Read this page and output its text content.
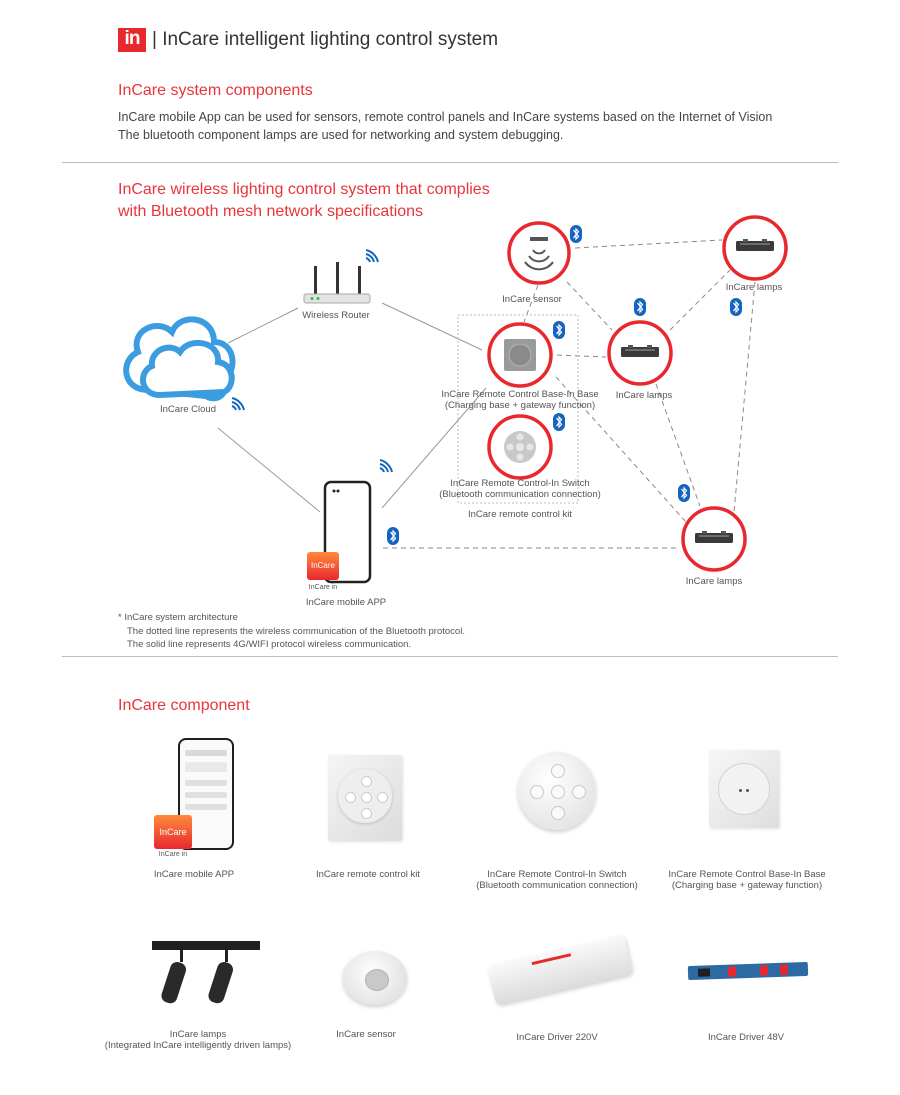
in | InCare intelligent lighting control system
InCare system components
InCare mobile App can be used for sensors, remote control panels and InCare systems based on the Internet of Vision
The bluetooth component lamps are used for networking and system debugging.
InCare wireless lighting control system that complies
with Bluetooth mesh network specifications
InCare
InCare in
InCare Cloud
Wireless Router
InCare sensor
InCare lamps
InCare lamps
InCare lamps
InCare Remote Control Base-In Base
(Charging base + gateway function)
InCare Remote Control-In Switch
(Bluetooth communication connection)
InCare remote control kit
InCare mobile APP
* InCare system architecture
The dotted line represents the wireless communication of the Bluetooth protocol.
The solid line represents 4G/WIFI protocol wireless communication.
InCare component
InCare
InCare in
InCare mobile APP	InCare remote control kit	InCare Remote Control-In Switch
(Bluetooth communication connection)
InCare Remote Control Base-In Base
(Charging base + gateway function)
InCare lamps
(Integrated InCare intelligently driven lamps)
InCare sensor	InCare Driver 220V	InCare Driver 48V
